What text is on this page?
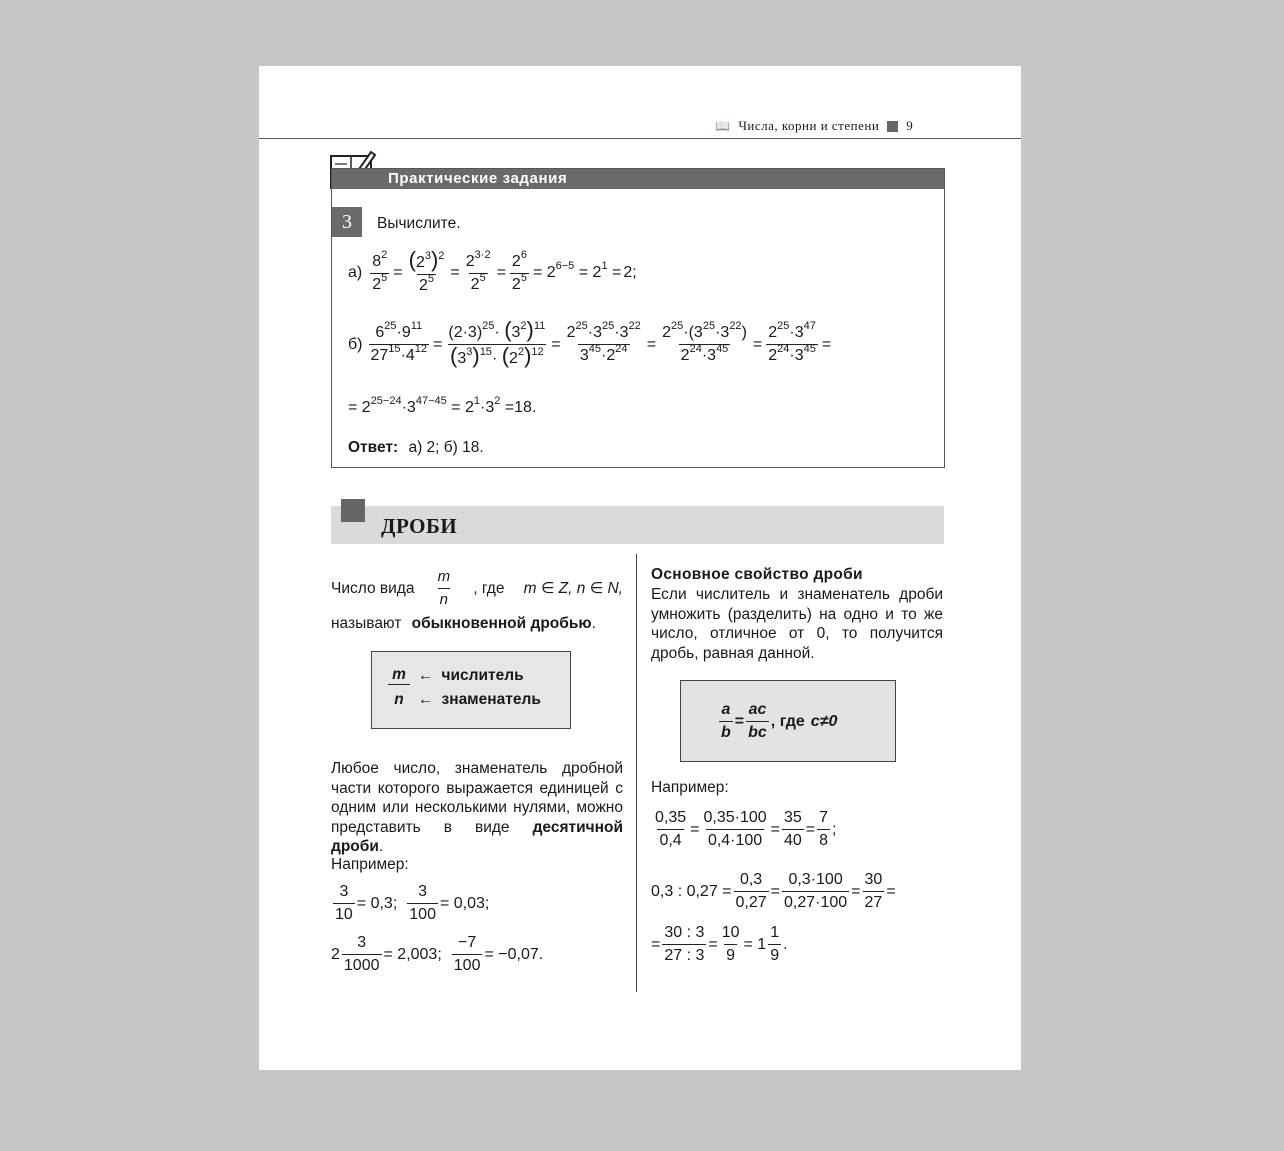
📖 Числа, корни и степени 9
Практические задания
3	Вычислите.
$а) \frac{8^2}{2^5} = \frac{(2^3)^2}{2^5} = \frac{2^{3\cdot 2}}{2^5} = \frac{2^6}{2^5} = 2^{6-5} = 2^1 = 2$;
$б) \frac{6^{25}\cdot 9^{11}}{27^{15}\cdot 4^{12}} = \frac{(2\cdot 3)^{25}\cdot (3^2)^{11}}{(3^3)^{15}\cdot (2^2)^{12}} = \frac{2^{25}\cdot 3^{25}\cdot 3^{22}}{3^{45}\cdot 2^{24}} = \frac{2^{25}\cdot(3^{25}\cdot 3^{22})}{2^{24}\cdot 3^{45}} = \frac{2^{25}\cdot 3^{47}}{2^{24}\cdot 3^{45}}$ =
= $2^{25-24}\cdot 3^{47-45} = 2^1\cdot 3^2 = 18$.
Ответ: а) 2; б) 18.
ДРОБИ
Число вида
m
n
, где m ∈ Z, n ∈ N,
называют обыкновенной дробью.
m ← числитель
n ← знаменатель
Любое число, знаменатель дробной части которого выражается единицей с одним или несколькими нулями, можно представить в виде десятичной дроби.
Например:
$\frac{3}{10} = 0,3$; $\frac{3}{100} = 0,03$;
$2 \frac{3}{1000} = 2,003$; $\frac{-7}{100} = -0,07$.
Основное свойство дроби
Если числитель и знаменатель дроби умножить (разделить) на одно и то же число, отличное от 0, то получится дробь, равная данной.
$\frac{a}{b} = \frac{ac}{bc}$ , где c≠0
Например:
0,35
0,4
=
0,35·100
0,4·100
=
35
40
=
7
8
;
0,3 : $0,27 = \frac{0,3}{0,27}$ =
0,3·100
0,27·100
=
30
27
=
= $\frac{30 : 3}{27 : 3}$ =
10
9
= 1
1
9
.
